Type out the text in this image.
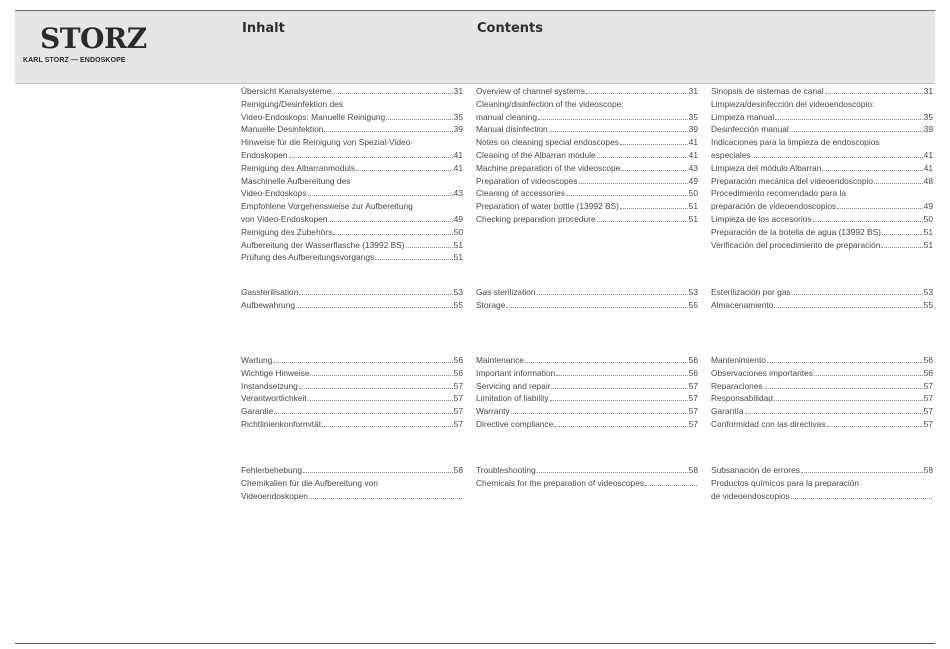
STORZ
KARL STORZ — ENDOSKOPE
Inhalt	Contents
Übersicht Kanalsysteme	31
Reinigung/Desinfektion des
Video-Endoskops: Manuelle Reinigung	35
Manuelle Desinfektion	39
Hinweise für die Reinigung von Spezial-Video-
Endoskopen	41
Reinigung des Albarranmoduls	41
Maschinelle Aufbereitung des
Video-Endoskops	43
Empfohlene Vorgehensweise zur Aufbereitung
von Video-Endoskopen	49
Reinigung des Zubehörs	50
Aufbereitung der Wasserflasche (13992 BS)	51
Prüfung des Aufbereitungsvorgangs	51
Gassterilisation	53
Aufbewahrung	55
Wartung	56
Wichtige Hinweise	56
Instandsetzung	57
Verantwortlichkeit	57
Garantie	57
Richtlinienkonformität	57
Fehlerbehebung	58
Chemikalien für die Aufbereitung von
Videoendoskopen
Overview of channel systems	31
Cleaning/disinfection of the videoscope:
manual cleaning	35
Manual disinfection	39
Notes on cleaning special endoscopes	41
Cleaning of the Albarran module	41
Machine preparation of the videoscope	43
Preparation of videoscopes	49
Cleaning of accessories	50
Preparation of water bottle (13992 BS)	51
Checking preparation procedure	51
Gas sterilization	53
Storage	55
Maintenance	56
Important information	56
Servicing and repair	57
Limitation of liability	57
Warranty	57
Directive compliance	57
Troubleshooting	58
Chemicals for the preparation of videoscopes
Sinopsis de sistemas de canal	31
Limpieza/desinfección del videoendoscopio:
Limpieza manual	35
Desinfección manual	39
Indicaciones para la limpieza de endoscopios
especiales	41
Limpieza del módulo Albarran	41
Preparación mecánica del videoendoscopio	48
Procedimiento recomendado para la
preparación de videoendoscopios	49
Limpieza de los accesorios	50
Preparación de la botella de agua (13992 BS)	51
Verificación del procedimiento de preparación	51
Esterilización por gas	53
Almacenamiento	55
Mantenimiento	56
Observaciones importantes	56
Reparaciones	57
Responsabilidad	57
Garantía	57
Conformidad con las directivas	57
Subsanación de errores	58
Productos químicos para la preparación
de videoendoscopios
